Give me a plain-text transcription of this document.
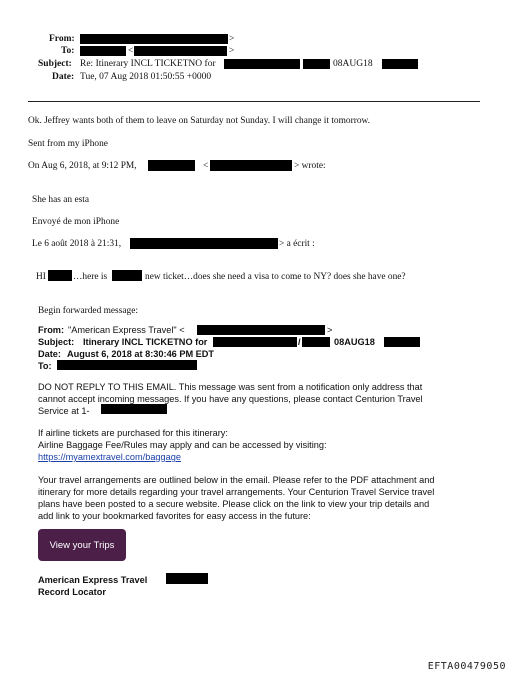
From:	>
To:	<	>
Subject: Re: Itinerary INCL TICKETNO for	08AUG18
Date: Tue, 07 Aug 2018 01:50:55 +0000
Ok. Jeffrey wants both of them to leave on Saturday not Sunday. I will change it tomorrow.
Sent from my iPhone
On Aug 6, 2018, at 9:12 PM,	<	> wrote:
She has an esta
Envoyé de mon iPhone
Le 6 août 2018 à 21:31,	> a écrit :
HI	…here is	new ticket…does she need a visa to come to NY? does she have one?
Begin forwarded message:
From: "American Express Travel" <	>
Subject: Itinerary INCL TICKETNO for	/	08AUG18
Date: August 6, 2018 at 8:30:46 PM EDT
To:
DO NOT REPLY TO THIS EMAIL. This message was sent from a notification only address that
cannot accept incoming messages. If you have any questions, please contact Centurion Travel
Service at 1-
If airline tickets are purchased for this itinerary:
Airline Baggage Fee/Rules may apply and can be accessed by visiting:
https://myamextravel.com/baggage
Your travel arrangements are outlined below in the email. Please refer to the PDF attachment and
itinerary for more details regarding your travel arrangements. Your Centurion Travel Service travel
plans have been posted to a secure website. Please click on the link to view your trip details and
add link to your bookmarked favorites for easy access in the future:
American Express Travel
Record Locator
View your Trips
EFTA00479050
